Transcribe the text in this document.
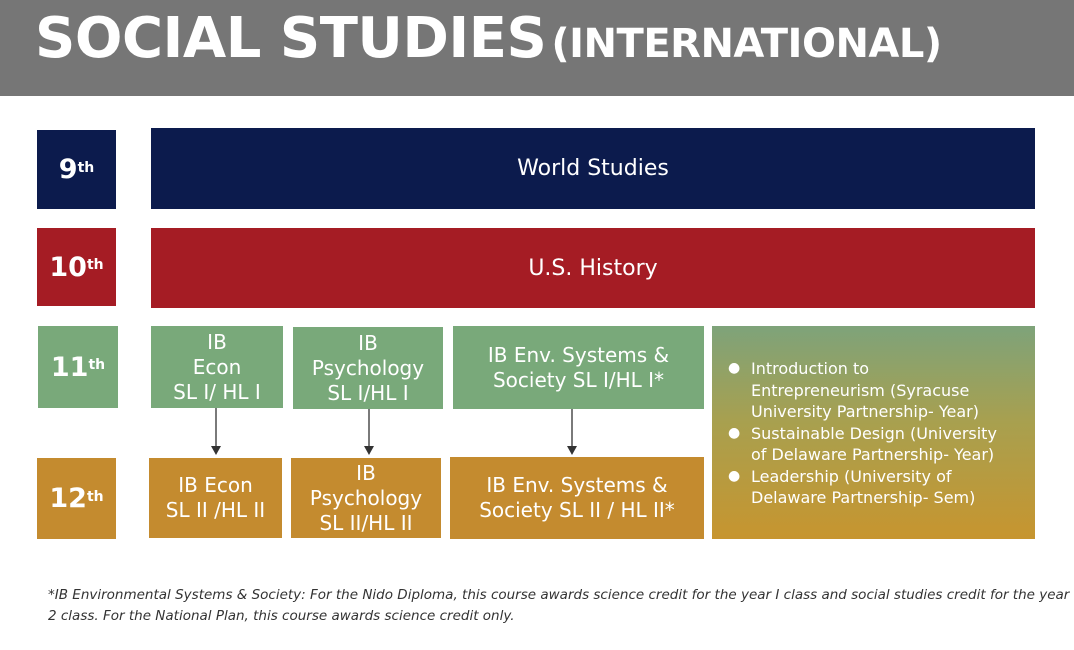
SOCIAL STUDIES (INTERNATIONAL)
9th
10th
11th
12th
World Studies
U.S. History
IB
Econ
SL I/ HL I
IB
Psychology
SL I/HL I
IB Env. Systems &
Society SL I/HL I*	● Introduction to
Entrepreneurism (Syracuse
University Partnership- Year)
● Sustainable Design (University
of Delaware Partnership- Year)
● Leadership (University of
Delaware Partnership- Sem)
IB Econ
SL II /HL II
IB
Psychology
SL II/HL II
IB Env. Systems &
Society SL II / HL II*
*IB Environmental Systems & Society: For the Nido Diploma, this course awards science credit for the year I class and social studies credit for the year
2 class. For the National Plan, this course awards science credit only.
